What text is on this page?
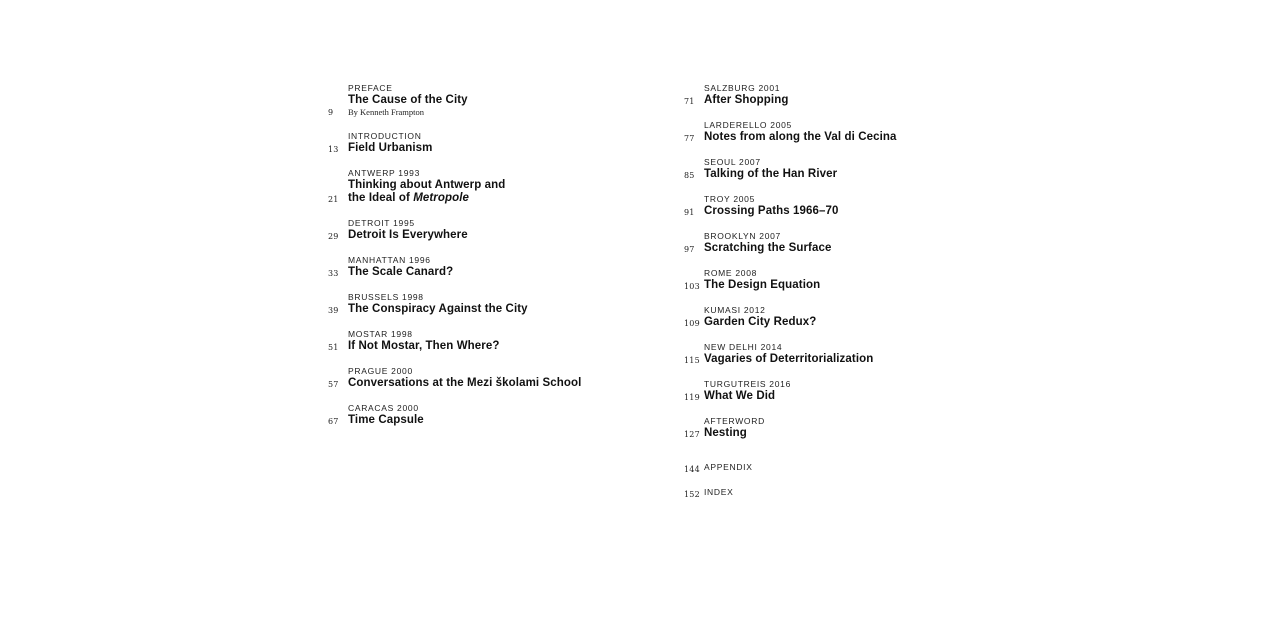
9

PREFACE

The Cause of the City

By Kenneth Frampton

13

INTRODUCTION

Field Urbanism

21

ANTWERP 1993

Thinking about Antwerp and
the Ideal of Metropole

29

DETROIT 1995

Detroit Is Everywhere

33

MANHATTAN 1996

The Scale Canard?

39

BRUSSELS 1998

The Conspiracy Against the City

51

MOSTAR 1998

If Not Mostar, Then Where?

57

PRAGUE 2000

Conversations at the Mezi školami School

67

CARACAS 2000

Time Capsule

71

SALZBURG 2001

After Shopping

77

LARDERELLO 2005

Notes from along the Val di Cecina

85

SEOUL 2007

Talking of the Han River

91

TROY 2005

Crossing Paths 1966–70

97

BROOKLYN 2007

Scratching the Surface

103

ROME 2008

The Design Equation

109

KUMASI 2012

Garden City Redux?

115

NEW DELHI 2014

Vagaries of Deterritorialization

119

TURGUTREIS 2016

What We Did

127

AFTERWORD

Nesting

144 APPENDIX

152 INDEX
